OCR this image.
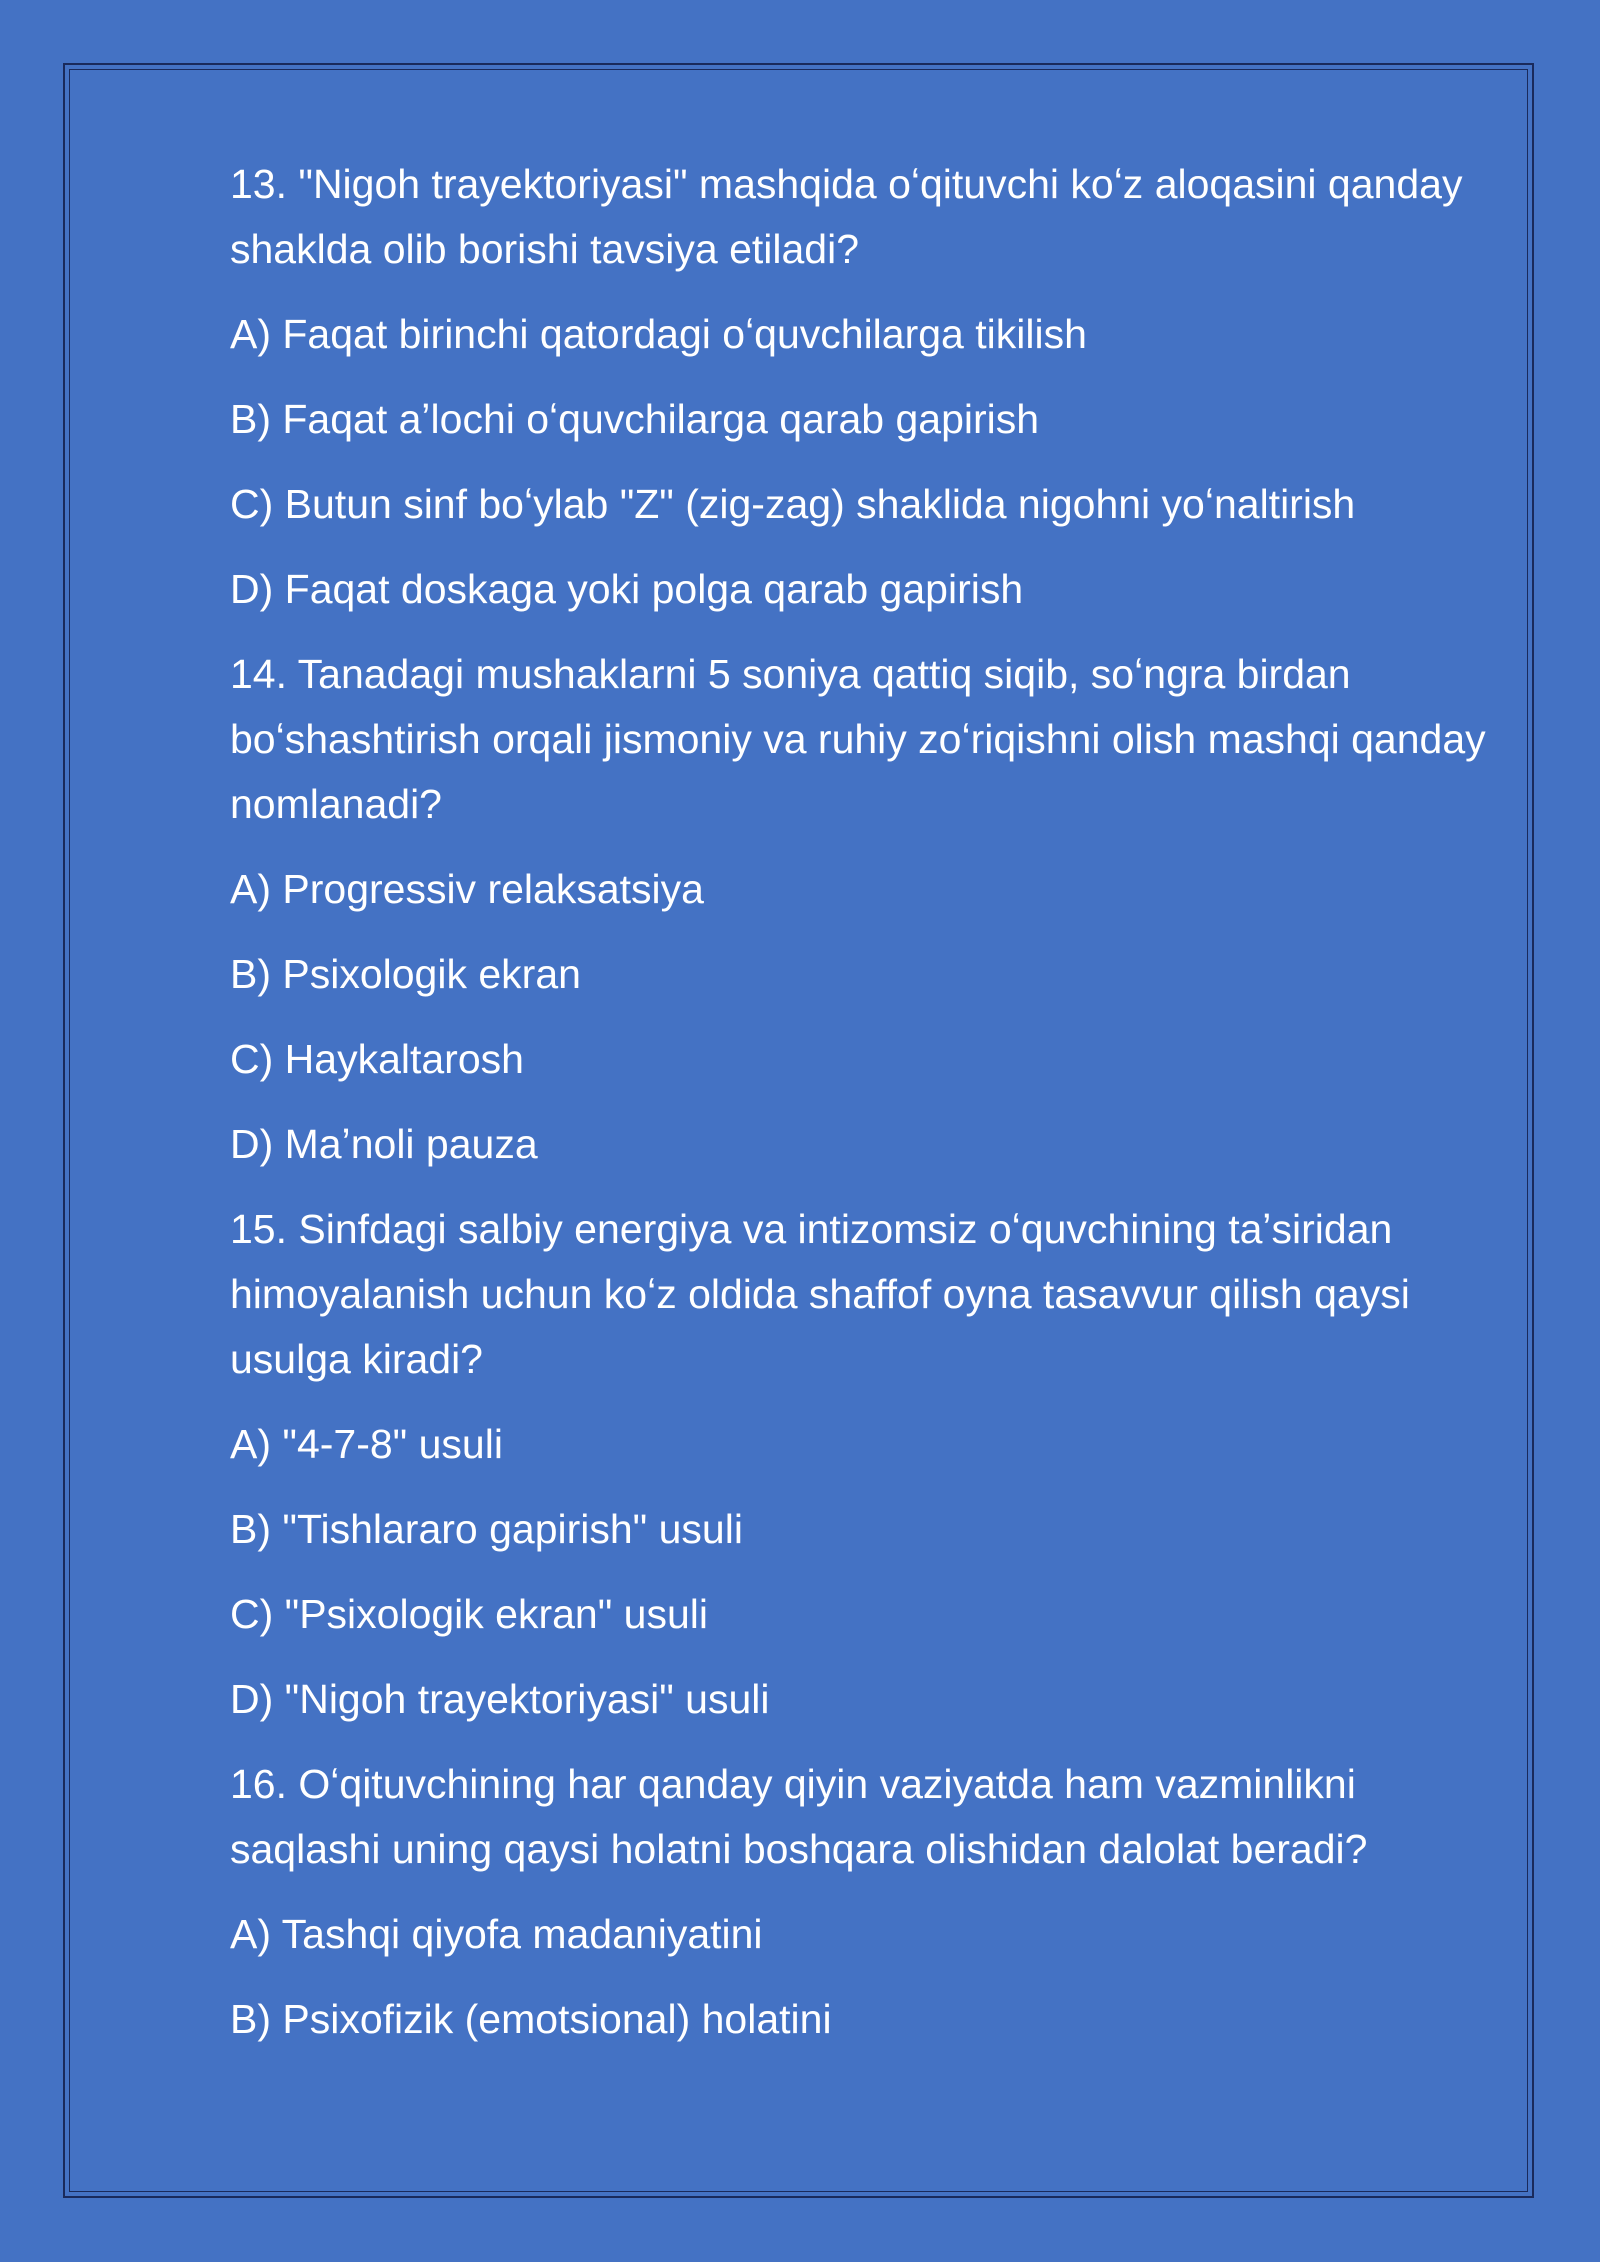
13. "Nigoh trayektoriyasi" mashqida oʻqituvchi koʻz aloqasini qanday shaklda olib borishi tavsiya etiladi?

A) Faqat birinchi qatordagi oʻquvchilarga tikilish

B) Faqat aʼlochi oʻquvchilarga qarab gapirish

C) Butun sinf boʻylab "Z" (zig-zag) shaklida nigohni yoʻnaltirish

D) Faqat doskaga yoki polga qarab gapirish

14. Tanadagi mushaklarni 5 soniya qattiq siqib, soʻngra birdan boʻshashtirish orqali jismoniy va ruhiy zoʻriqishni olish mashqi qanday nomlanadi?

A) Progressiv relaksatsiya

B) Psixologik ekran

C) Haykaltarosh

D) Maʼnoli pauza

15. Sinfdagi salbiy energiya va intizomsiz oʻquvchining taʼsiridan himoyalanish uchun koʻz oldida shaffof oyna tasavvur qilish qaysi usulga kiradi?

A) "4-7-8" usuli

B) "Tishlararo gapirish" usuli

C) "Psixologik ekran" usuli

D) "Nigoh trayektoriyasi" usuli

16. Oʻqituvchining har qanday qiyin vaziyatda ham vazminlikni saqlashi uning qaysi holatni boshqara olishidan dalolat beradi?

A) Tashqi qiyofa madaniyatini

B) Psixofizik (emotsional) holatini
